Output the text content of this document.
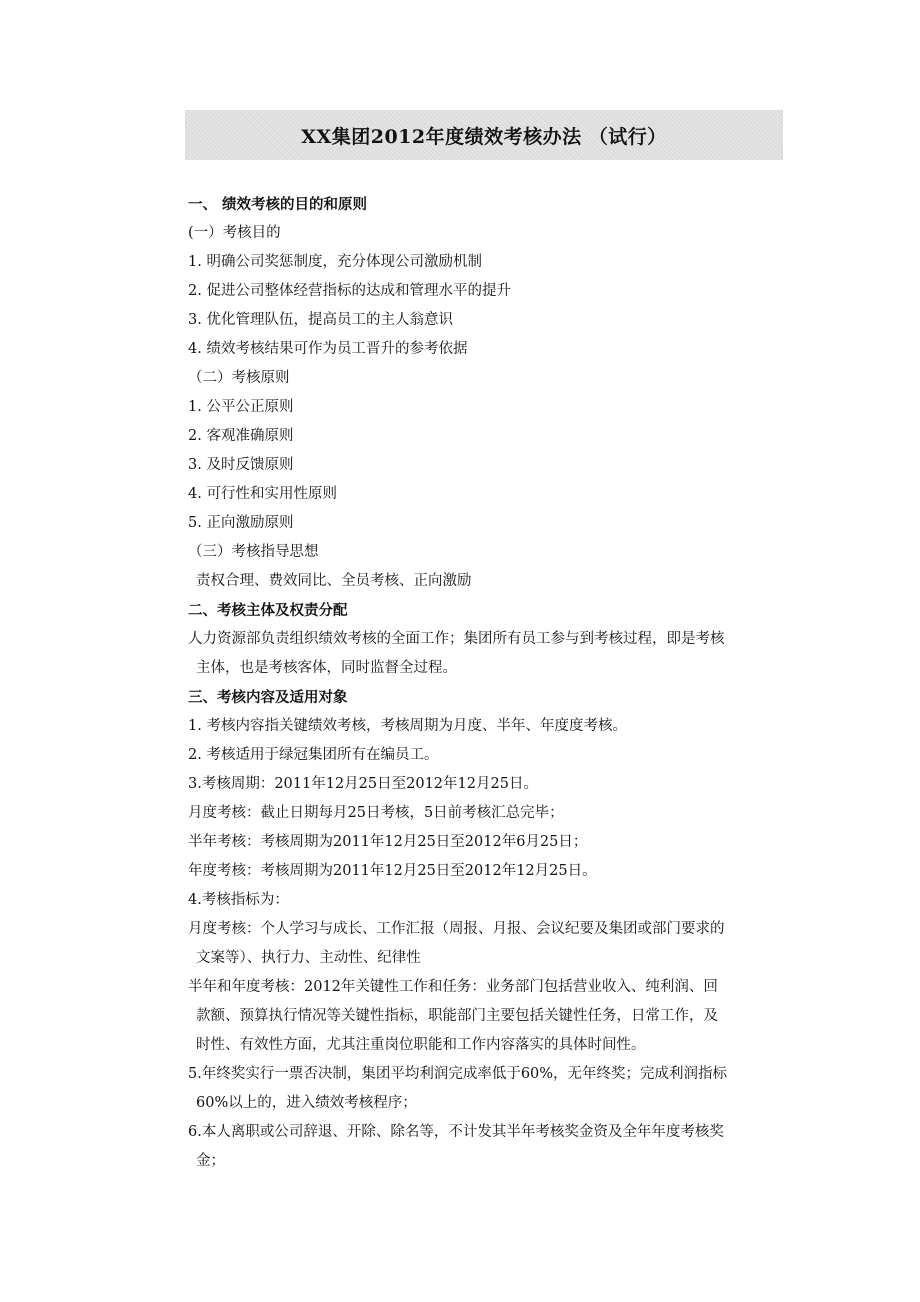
XX集团2012年度绩效考核办法 （试行）
一、 绩效考核的目的和原则
(一）考核目的
1. 明确公司奖惩制度，充分体现公司激励机制
2. 促进公司整体经营指标的达成和管理水平的提升
3. 优化管理队伍，提高员工的主人翁意识
4. 绩效考核结果可作为员工晋升的参考依据
（二）考核原则
1. 公平公正原则
2. 客观准确原则
3. 及时反馈原则
4. 可行性和实用性原则
5. 正向激励原则
（三）考核指导思想
责权合理、费效同比、全员考核、正向激励
二、考核主体及权责分配
人力资源部负责组织绩效考核的全面工作；集团所有员工参与到考核过程，即是考核
主体，也是考核客体，同时监督全过程。
三、考核内容及适用对象
1. 考核内容指关键绩效考核，考核周期为月度、半年、年度度考核。
2. 考核适用于绿冠集团所有在编员工。
3.考核周期：2011年12月25日至2012年12月25日。
月度考核：截止日期每月25日考核，5日前考核汇总完毕；
半年考核：考核周期为2011年12月25日至2012年6月25日；
年度考核：考核周期为2011年12月25日至2012年12月25日。
4.考核指标为：
月度考核：个人学习与成长、工作汇报（周报、月报、会议纪要及集团或部门要求的
文案等）、执行力、主动性、纪律性
半年和年度考核：2012年关键性工作和任务：业务部门包括营业收入、纯利润、回
款额、预算执行情况等关键性指标，职能部门主要包括关键性任务，日常工作，及
时性、有效性方面，尤其注重岗位职能和工作内容落实的具体时间性。
5.年终奖实行一票否决制，集团平均利润完成率低于60%，无年终奖；完成利润指标
60%以上的，进入绩效考核程序；
6.本人离职或公司辞退、开除、除名等，不计发其半年考核奖金资及全年年度考核奖
金；
